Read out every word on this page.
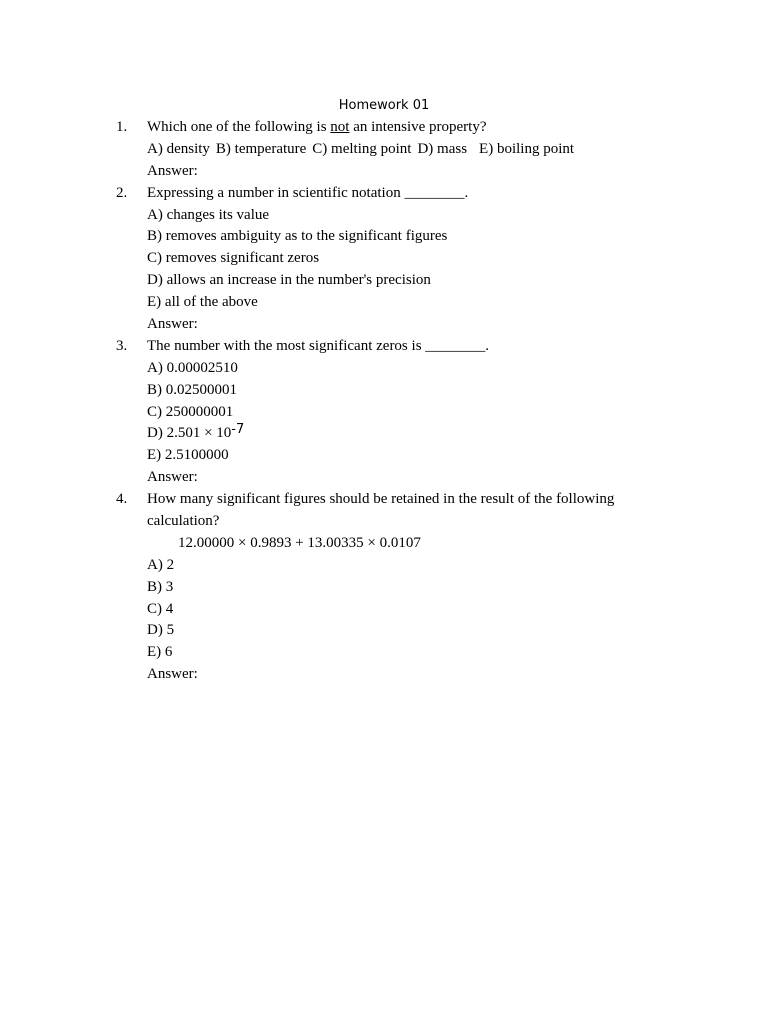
Homework 01
1. Which one of the following is not an intensive property?
A) density B) temperature C) melting point D) mass E) boiling point
Answer:
2. Expressing a number in scientific notation ________.
A) changes its value
B) removes ambiguity as to the significant figures
C) removes significant zeros
D) allows an increase in the number's precision
E) all of the above
Answer:
3. The number with the most significant zeros is ________.
A) 0.00002510
B) 0.02500001
C) 250000001
D) $2.501 \times 10^{-7}$
E) 2.5100000
Answer:
4. How many significant figures should be retained in the result of the following
calculation?
12.00000 × 0.9893 + 13.00335 × 0.0107
A) 2
B) 3
C) 4
D) 5
E) 6
Answer:
